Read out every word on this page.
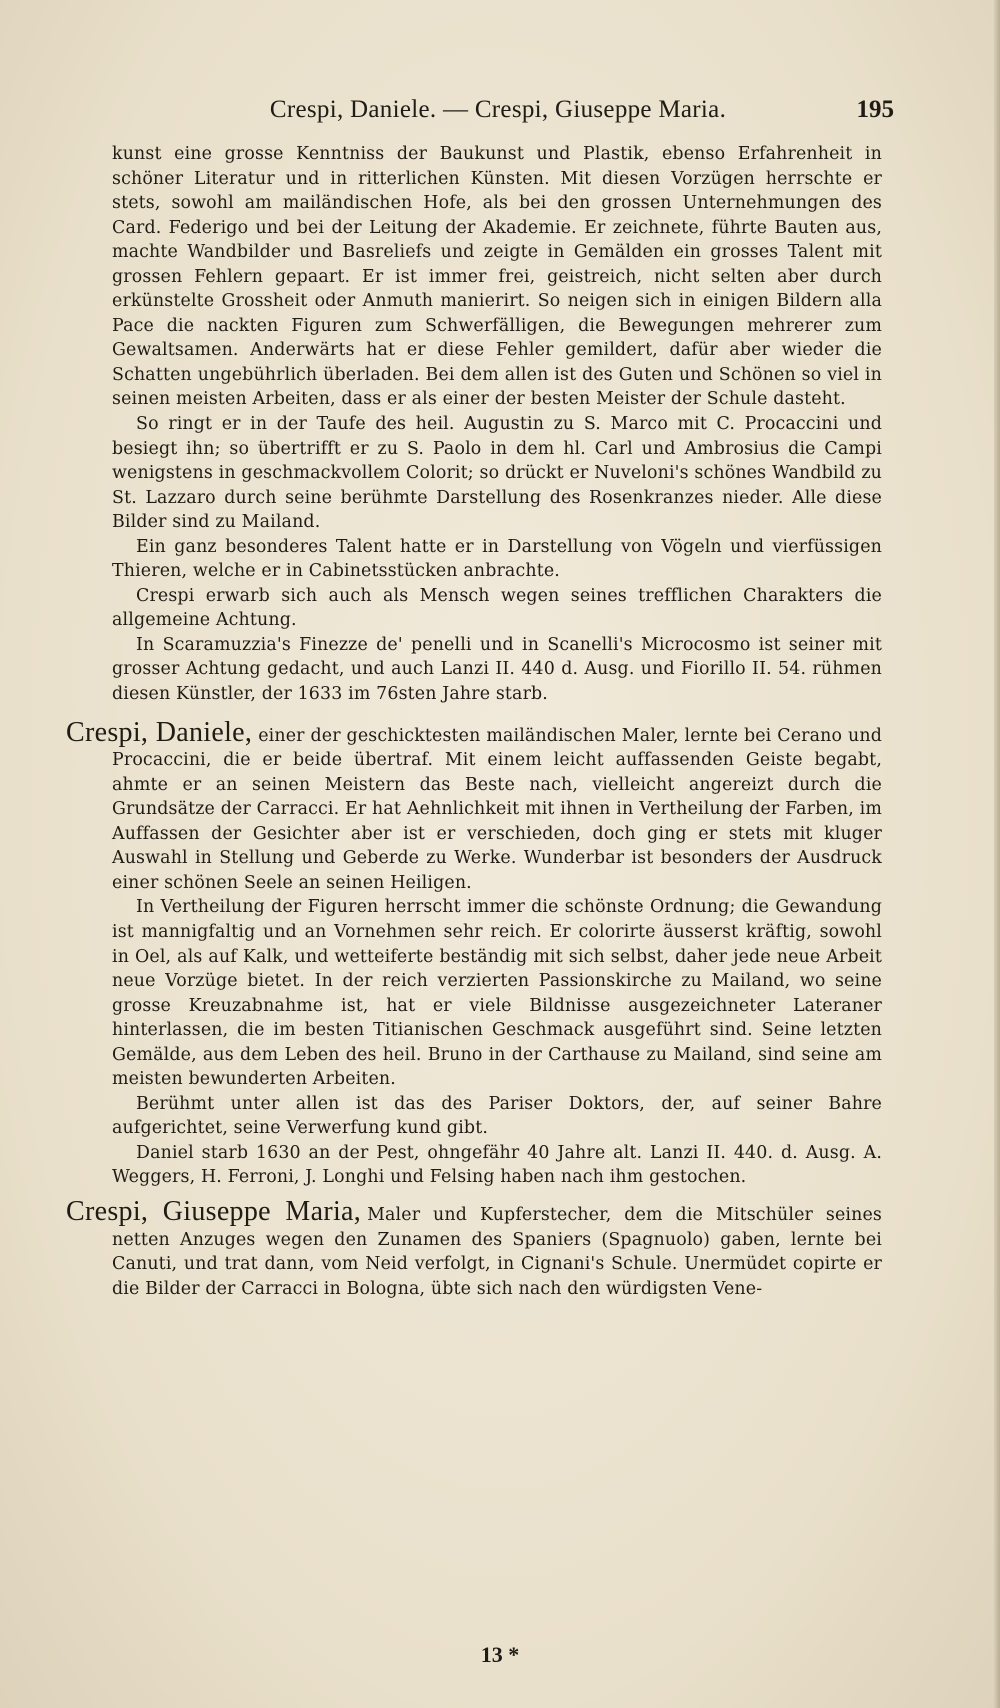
Crespi, Daniele. — Crespi, Giuseppe Maria.	195

kunst eine grosse Kenntniss der Baukunst und Plastik, ebenso Erfahrenheit in schöner Literatur und in ritterlichen Künsten. Mit diesen Vorzügen herrschte er stets, sowohl am mailändischen Hofe, als bei den grossen Unternehmungen des Card. Federigo und bei der Leitung der Akademie. Er zeichnete, führte Bauten aus, machte Wandbilder und Basreliefs und zeigte in Gemälden ein grosses Talent mit grossen Fehlern gepaart. Er ist immer frei, geistreich, nicht selten aber durch erkünstelte Grossheit oder Anmuth manierirt. So neigen sich in einigen Bildern alla Pace die nackten Figuren zum Schwerfälligen, die Bewegungen mehrerer zum Gewaltsamen. Anderwärts hat er diese Fehler gemildert, dafür aber wieder die Schatten ungebührlich überladen. Bei dem allen ist des Guten und Schönen so viel in seinen meisten Arbeiten, dass er als einer der besten Meister der Schule dasteht.

So ringt er in der Taufe des heil. Augustin zu S. Marco mit C. Procaccini und besiegt ihn; so übertrifft er zu S. Paolo in dem hl. Carl und Ambrosius die Campi wenigstens in geschmackvollem Colorit; so drückt er Nuveloni's schönes Wandbild zu St. Lazzaro durch seine berühmte Darstellung des Rosenkranzes nieder. Alle diese Bilder sind zu Mailand.

Ein ganz besonderes Talent hatte er in Darstellung von Vögeln und vierfüssigen Thieren, welche er in Cabinetsstücken anbrachte.

Crespi erwarb sich auch als Mensch wegen seines trefflichen Charakters die allgemeine Achtung.

In Scaramuzzia's Finezze de' penelli und in Scanelli's Microcosmo ist seiner mit grosser Achtung gedacht, und auch Lanzi II. 440 d. Ausg. und Fiorillo II. 54. rühmen diesen Künstler, der 1633 im 76sten Jahre starb.

Crespi, Daniele, einer der geschicktesten mailändischen Maler, lernte bei Cerano und Procaccini, die er beide übertraf. Mit einem leicht auffassenden Geiste begabt, ahmte er an seinen Meistern das Beste nach, vielleicht angereizt durch die Grundsätze der Carracci. Er hat Aehnlichkeit mit ihnen in Vertheilung der Farben, im Auffassen der Gesichter aber ist er verschieden, doch ging er stets mit kluger Auswahl in Stellung und Geberde zu Werke. Wunderbar ist besonders der Ausdruck einer schönen Seele an seinen Heiligen.

In Vertheilung der Figuren herrscht immer die schönste Ordnung; die Gewandung ist mannigfaltig und an Vornehmen sehr reich. Er colorirte äusserst kräftig, sowohl in Oel, als auf Kalk, und wetteiferte beständig mit sich selbst, daher jede neue Arbeit neue Vorzüge bietet. In der reich verzierten Passionskirche zu Mailand, wo seine grosse Kreuzabnahme ist, hat er viele Bildnisse ausgezeichneter Lateraner hinterlassen, die im besten Titianischen Geschmack ausgeführt sind. Seine letzten Gemälde, aus dem Leben des heil. Bruno in der Carthause zu Mailand, sind seine am meisten bewunderten Arbeiten.

Berühmt unter allen ist das des Pariser Doktors, der, auf seiner Bahre aufgerichtet, seine Verwerfung kund gibt.

Daniel starb 1630 an der Pest, ohngefähr 40 Jahre alt. Lanzi II. 440. d. Ausg. A. Weggers, H. Ferroni, J. Longhi und Felsing haben nach ihm gestochen.

Crespi, Giuseppe Maria, Maler und Kupferstecher, dem die Mitschüler seines netten Anzuges wegen den Zunamen des Spaniers (Spagnuolo) gaben, lernte bei Canuti, und trat dann, vom Neid verfolgt, in Cignani's Schule. Unermüdet copirte er die Bilder der Carracci in Bologna, übte sich nach den würdigsten Vene-

13 *
